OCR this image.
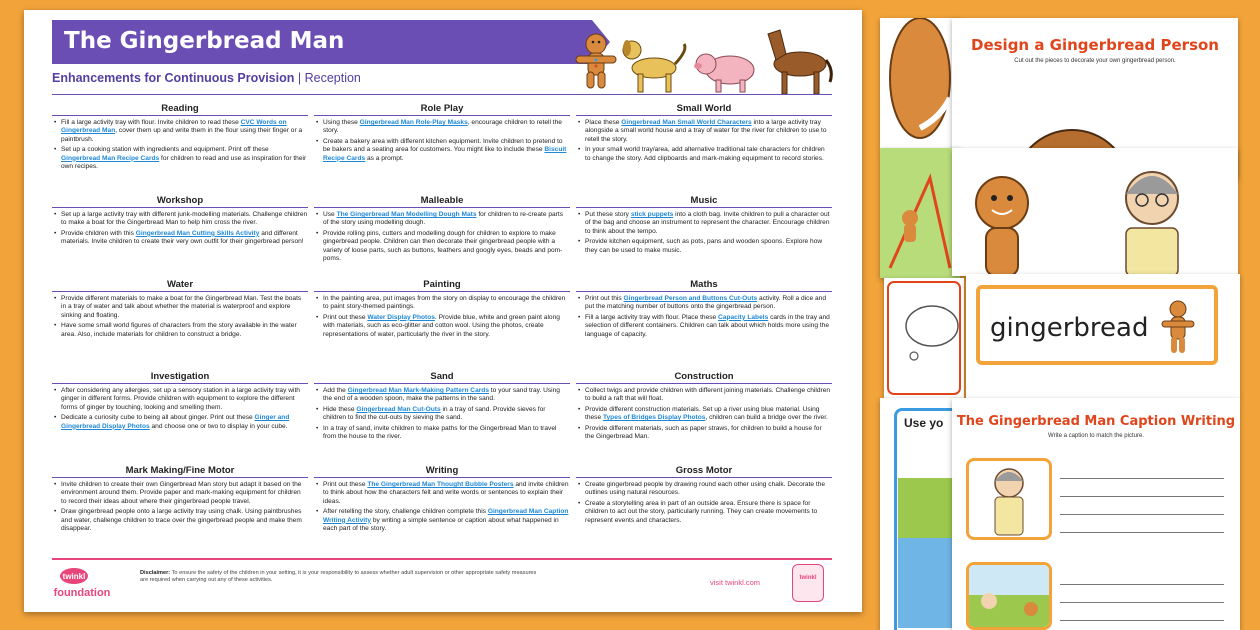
The Gingerbread Man
Enhancements for Continuous Provision | Reception
Reading
• Fill a large activity tray with flour. Invite children to read these CVC Words on Gingerbread Man, cover them up and write them in the flour using their finger or a paintbrush.
• Set up a cooking station with ingredients and equipment. Print off these Gingerbread Man Recipe Cards for children to read and use as inspiration for their own recipes.
Workshop
• Set up a large activity tray with different junk-modelling materials. Challenge children to make a boat for the Gingerbread Man to help him cross the river.
• Provide children with this Gingerbread Man Cutting Skills Activity and different materials. Invite children to create their very own outfit for their gingerbread person!
Water
• Provide different materials to make a boat for the Gingerbread Man. Test the boats in a tray of water and talk about whether the material is waterproof and explore sinking and floating.
• Have some small world figures of characters from the story available in the water area. Also, include materials for children to construct a bridge.
Investigation
• After considering any allergies, set up a sensory station in a large activity tray with ginger in different forms. Provide children with equipment to explore the different forms of ginger by touching, looking and smelling them.
• Dedicate a curiosity cube to being all about ginger. Print out these Ginger and Gingerbread Display Photos and choose one or two to display in your cube.
Mark Making/Fine Motor
• Invite children to create their own Gingerbread Man story but adapt it based on the environment around them. Provide paper and mark-making equipment for children to record their ideas about where their gingerbread people travel.
• Draw gingerbread people onto a large activity tray using chalk. Using paintbrushes and water, challenge children to trace over the gingerbread people and make them disappear.
Role Play
• Using these Gingerbread Man Role-Play Masks, encourage children to retell the story.
• Create a bakery area with different kitchen equipment. Invite children to pretend to be bakers and a seating area for customers. You might like to include these Biscuit Recipe Cards as a prompt.
Malleable
• Use The Gingerbread Man Modelling Dough Mats for children to re-create parts of the story using modelling dough.
• Provide rolling pins, cutters and modelling dough for children to explore to make gingerbread people. Children can then decorate their gingerbread people with a variety of loose parts, such as buttons, feathers and googly eyes, beads and pom-poms.
Painting
• In the painting area, put images from the story on display to encourage the children to paint story-themed paintings.
• Print out these Water Display Photos. Provide blue, white and green paint along with materials, such as eco-glitter and cotton wool. Using the photos, create representations of water, particularly the river in the story.
Sand
• Add the Gingerbread Man Mark-Making Pattern Cards to your sand tray. Using the end of a wooden spoon, make the patterns in the sand.
• Hide these Gingerbread Man Cut-Outs in a tray of sand. Provide sieves for children to find the cut-outs by sieving the sand.
• In a tray of sand, invite children to make paths for the Gingerbread Man to travel from the house to the river.
Writing
• Print out these The Gingerbread Man Thought Bubble Posters and invite children to think about how the characters felt and write words or sentences to explain their ideas.
• After retelling the story, challenge children complete this Gingerbread Man Caption Writing Activity by writing a simple sentence or caption about what happened in each part of the story.
Small World
• Place these Gingerbread Man Small World Characters into a large activity tray alongside a small world house and a tray of water for the river for children to use to retell the story.
• In your small world tray/area, add alternative traditional tale characters for children to change the story. Add clipboards and mark-making equipment to record stories.
Music
• Put these story stick puppets into a cloth bag. Invite children to pull a character out of the bag and choose an instrument to represent the character. Encourage children to think about the tempo.
• Provide kitchen equipment, such as pots, pans and wooden spoons. Explore how they can be used to make music.
Maths
• Print out this Gingerbread Person and Buttons Cut-Outs activity. Roll a dice and put the matching number of buttons onto the gingerbread person.
• Fill a large activity tray with flour. Place these Capacity Labels cards in the tray and selection of different containers. Children can talk about which holds more using the language of capacity.
Construction
• Collect twigs and provide children with different joining materials. Challenge children to build a raft that will float.
• Provide different construction materials. Set up a river using blue material. Using these Types of Bridges Display Photos, children can build a bridge over the river.
• Provide different materials, such as paper straws, for children to build a house for the Gingerbread Man.
Gross Motor
• Create gingerbread people by drawing round each other using chalk. Decorate the outlines using natural resources.
• Create a storytelling area in part of an outside area. Ensure there is space for children to act out the story, particularly running. They can create movements to represent events and characters.
twinkl
foundation
Disclaimer: To ensure the safety of the children in your setting, it is your responsibility to assess whether adult supervision or other appropriate safety measures are required when carrying out any of these activities.	visit twinkl.com	twinkl
Design a Gingerbread Person
Cut out the pieces to decorate your own gingerbread person.
gingerbread
Use yo	The Gingerbread Man Caption Writing
Write a caption to match the picture.
